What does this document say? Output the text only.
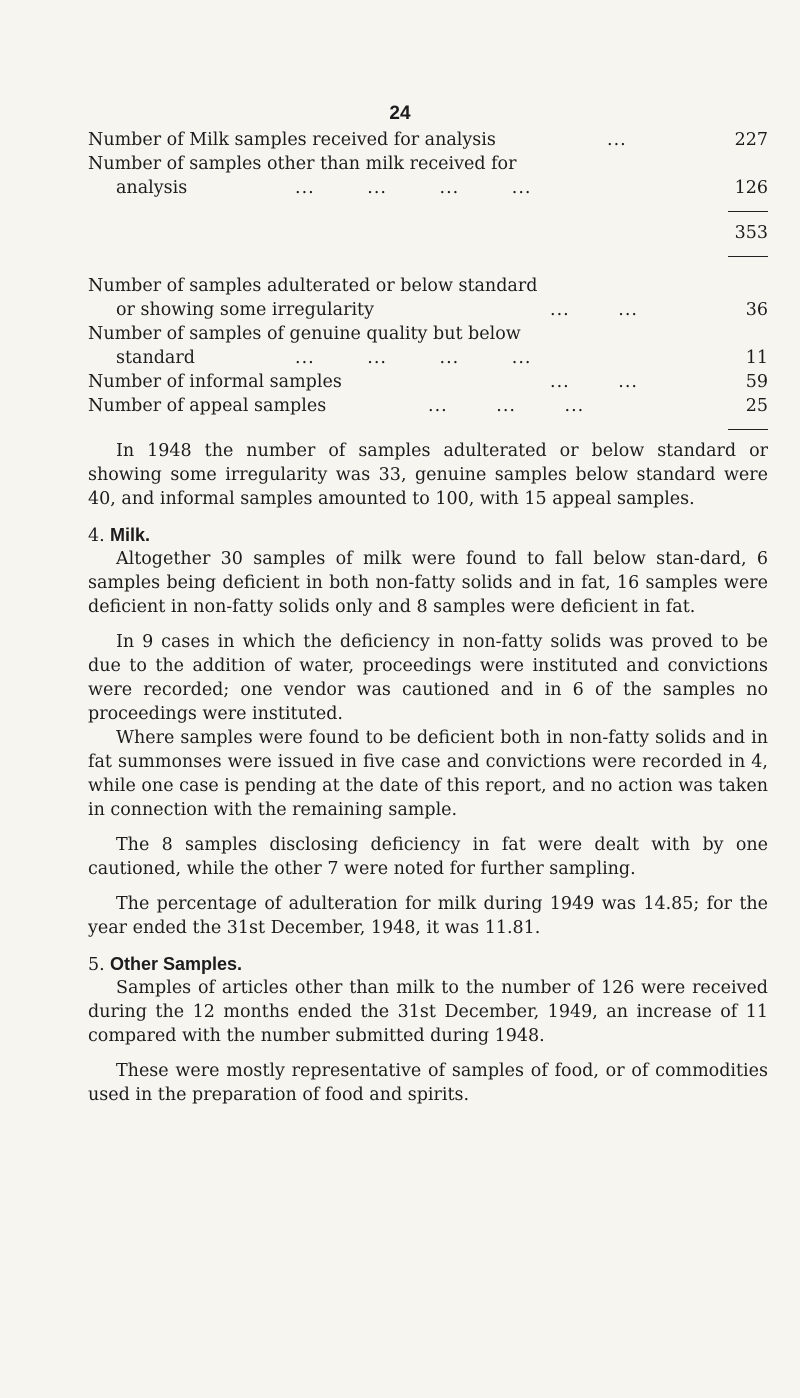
24
Number of Milk samples received for analysis	...	227
Number of samples other than milk received for
analysis	... ... ... ...	126
353
Number of samples adulterated or below standard
or showing some irregularity	... ...	36
Number of samples of genuine quality but below
standard	... ... ... ...	11
Number of informal samples	... ...	59
Number of appeal samples	... ... ...	25

In 1948 the number of samples adulterated or below standard or showing some irregularity was 33, genuine samples below standard were 40, and informal samples amounted to 100, with 15 appeal samples.

4. Milk.

Altogether 30 samples of milk were found to fall below stan-dard, 6 samples being deficient in both non-fatty solids and in fat, 16 samples were deficient in non-fatty solids only and 8 samples were deficient in fat.

In 9 cases in which the deficiency in non-fatty solids was proved to be due to the addition of water, proceedings were instituted and convictions were recorded; one vendor was cautioned and in 6 of the samples no proceedings were instituted.

Where samples were found to be deficient both in non-fatty solids and in fat summonses were issued in five case and convictions were recorded in 4, while one case is pending at the date of this report, and no action was taken in connection with the remaining sample.

The 8 samples disclosing deficiency in fat were dealt with by one cautioned, while the other 7 were noted for further sampling.

The percentage of adulteration for milk during 1949 was 14.85; for the year ended the 31st December, 1948, it was 11.81.

5. Other Samples.

Samples of articles other than milk to the number of 126 were received during the 12 months ended the 31st December, 1949, an increase of 11 compared with the number submitted during 1948.

These were mostly representative of samples of food, or of commodities used in the preparation of food and spirits.
